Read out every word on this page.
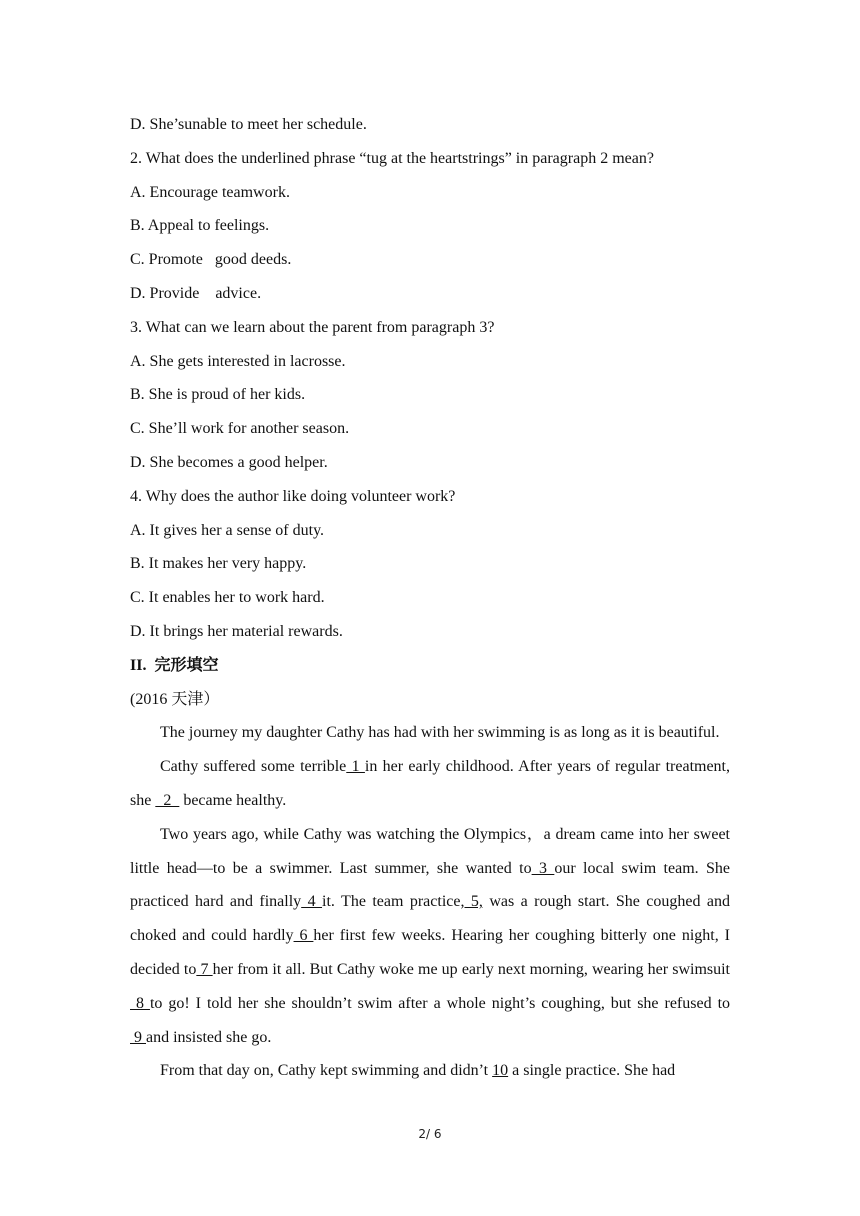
D. She’sunable to meet her schedule.
2. What does the underlined phrase “tug at the heartstrings” in paragraph 2 mean?
A. Encourage teamwork.
B. Appeal to feelings.
C. Promote   good deeds.
D. Provide    advice.
3. What can we learn about the parent from paragraph 3?
A. She gets interested in lacrosse.
B. She is proud of her kids.
C. She’ll work for another season.
D. She becomes a good helper.
4. Why does the author like doing volunteer work?
A. It gives her a sense of duty.
B. It makes her very happy.
C. It enables her to work hard.
D. It brings her material rewards.
II.  完形填空
(2016 天津）
The journey my daughter Cathy has had with her swimming is as long as it is beautiful.
Cathy suffered some terrible 1 in her early childhood. After years of regular treatment, she   2   became healthy.
Two years ago, while Cathy was watching the Olympics，a dream came into her sweet little head—to be a swimmer. Last summer, she wanted to 3 our local swim team. She practiced hard and finally 4 it. The team practice, 5, was a rough start. She coughed and choked and could hardly 6 her first few weeks. Hearing her coughing bitterly one night, I decided to 7 her from it all. But Cathy woke me up early next morning, wearing her swimsuit 8 to go! I told her she shouldn’t swim after a whole night’s coughing, but she refused to 9 and insisted she go.
From that day on, Cathy kept swimming and didn’t 10 a single practice. She had
2/ 6
